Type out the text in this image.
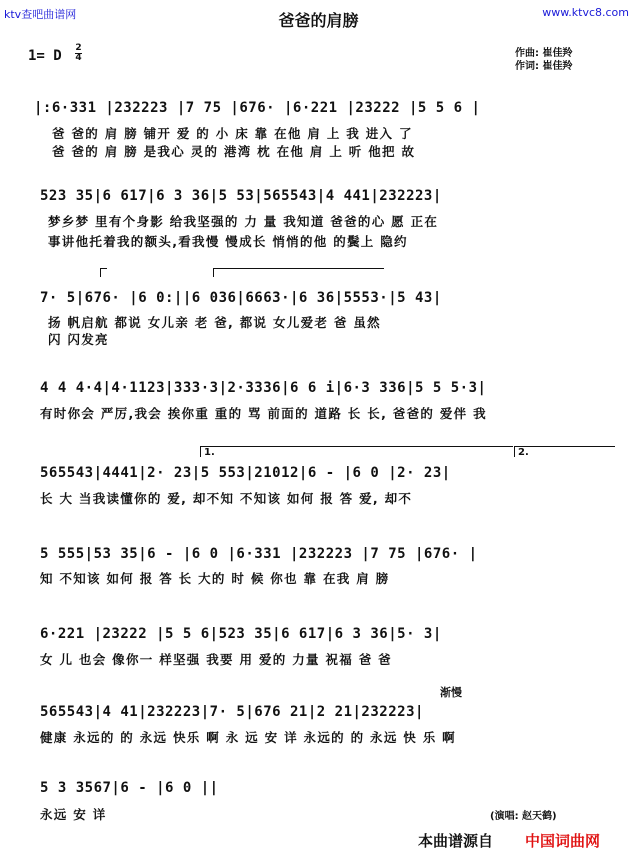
ktv查吧曲谱网	www.ktvc8.com
爸爸的肩膀
1= D 2
4	作曲: 崔佳羚
作词: 崔佳羚
|:6·331 |232223 |7 75 |676· |6·221 |23222 |5 5 6 |
爸 爸的 肩 膀 铺开 爱 的 小 床 靠 在他 肩 上 我 进入 了
爸 爸的 肩 膀 是我心 灵的 港湾 枕 在他 肩 上 听 他把 故
523 35|6 617|6 3 36|5 53|565543|4 441|232223|
梦乡梦 里有个身影 给我坚强的 力 量 我知道 爸爸的心 愿 正在
事讲他托着我的额头,看我慢 慢成长 悄悄的他 的鬓上 隐约
7· 5|676· |6 0:||6 036|6663·|6 36|5553·|5 43|
扬 帆启航 都说 女儿亲 老 爸, 都说 女儿爱老 爸 虽然
闪 闪发亮
4 4 4·4|4·1123|333·3|2·3336|6 6 i|6·3 336|5 5 5·3|
有时你会 严厉,我会 挨你重 重的 骂 前面的 道路 长 长, 爸爸的 爱伴 我
1.	2.
565543|4441|2· 23|5 553|21012|6 - |6 0 |2· 23|
长 大 当我读懂你的 爱, 却不知 不知该 如何 报 答 爱, 却不
5 555|53 35|6 - |6 0 |6·331 |232223 |7 75 |676· |
知 不知该 如何 报 答 长 大的 时 候 你也 靠 在我 肩 膀
6·221 |23222 |5 5 6|523 35|6 617|6 3 36|5· 3|
女 儿 也会 像你一 样坚强 我要 用 爱的 力量 祝福 爸 爸
渐慢
565543|4 41|232223|7· 5|676 21|2 21|232223|
健康 永远的 的 永远 快乐 啊 永 远 安 详 永远的 的 永远 快 乐 啊
5 3 3567|6 - |6 0 ||
永远 安 详	(演唱: 赵天鹤)
本曲谱源自 中国词曲网
